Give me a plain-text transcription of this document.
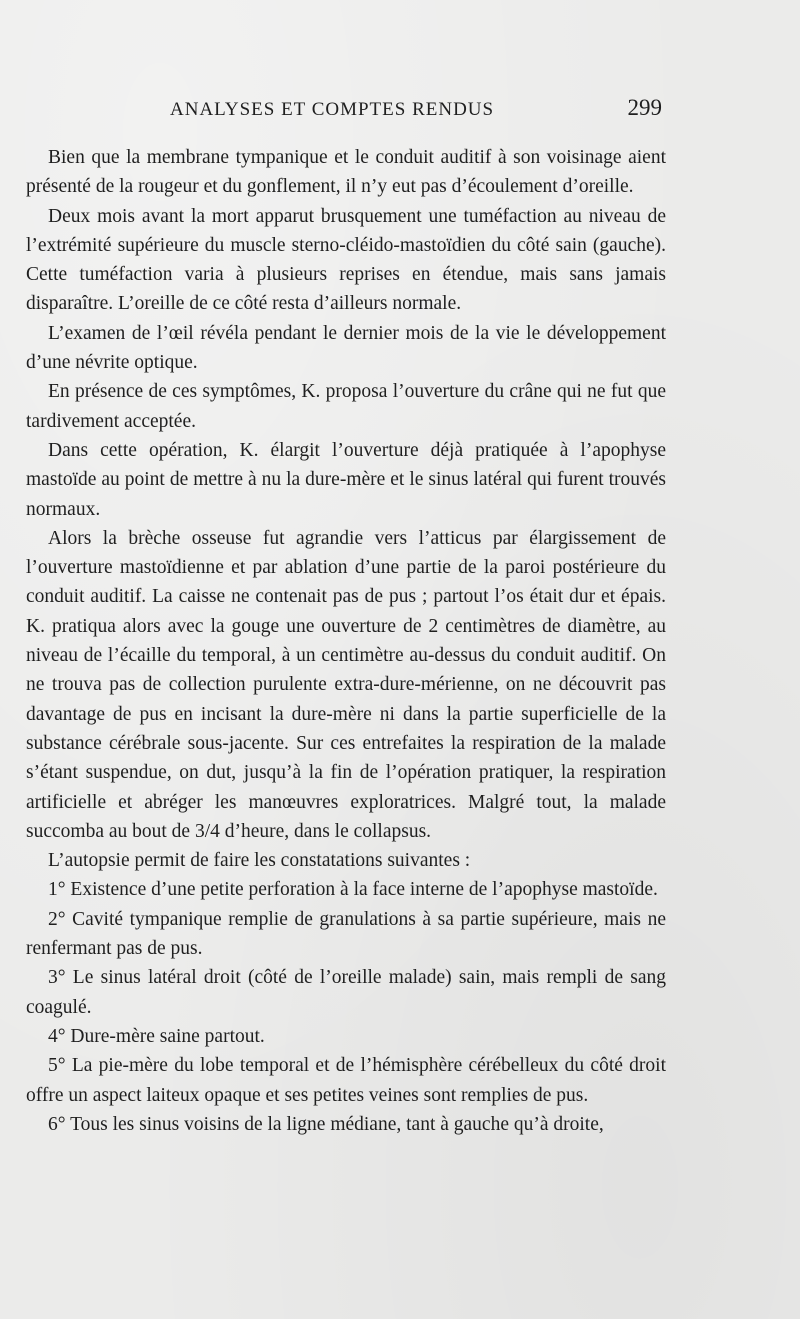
ANALYSES ET COMPTES RENDUS	299

Bien que la membrane tympanique et le conduit auditif à son voisinage aient présenté de la rougeur et du gonflement, il n’y eut pas d’écoulement d’oreille.

Deux mois avant la mort apparut brusquement une tuméfaction au niveau de l’extrémité supérieure du muscle sterno-cléido-mastoïdien du côté sain (gauche). Cette tuméfaction varia à plusieurs reprises en étendue, mais sans jamais disparaître. L’oreille de ce côté resta d’ailleurs normale.

L’examen de l’œil révéla pendant le dernier mois de la vie le développement d’une névrite optique.

En présence de ces symptômes, K. proposa l’ouverture du crâne qui ne fut que tardivement acceptée.

Dans cette opération, K. élargit l’ouverture déjà pratiquée à l’apophyse mastoïde au point de mettre à nu la dure-mère et le sinus latéral qui furent trouvés normaux.

Alors la brèche osseuse fut agrandie vers l’atticus par élargissement de l’ouverture mastoïdienne et par ablation d’une partie de la paroi postérieure du conduit auditif. La caisse ne contenait pas de pus ; partout l’os était dur et épais. K. pratiqua alors avec la gouge une ouverture de 2 centimètres de diamètre, au niveau de l’écaille du temporal, à un centimètre au-dessus du conduit auditif. On ne trouva pas de collection purulente extra-dure-mérienne, on ne découvrit pas davantage de pus en incisant la dure-mère ni dans la partie superficielle de la substance cérébrale sous-jacente. Sur ces entrefaites la respiration de la malade s’étant suspendue, on dut, jusqu’à la fin de l’opération pratiquer, la respiration artificielle et abréger les manœuvres exploratrices. Malgré tout, la malade succomba au bout de 3/4 d’heure, dans le collapsus.

L’autopsie permit de faire les constatations suivantes :

1° Existence d’une petite perforation à la face interne de l’apophyse mastoïde.

2° Cavité tympanique remplie de granulations à sa partie supérieure, mais ne renfermant pas de pus.

3° Le sinus latéral droit (côté de l’oreille malade) sain, mais rempli de sang coagulé.

4° Dure-mère saine partout.

5° La pie-mère du lobe temporal et de l’hémisphère cérébelleux du côté droit offre un aspect laiteux opaque et ses petites veines sont remplies de pus.

6° Tous les sinus voisins de la ligne médiane, tant à gauche qu’à droite,
